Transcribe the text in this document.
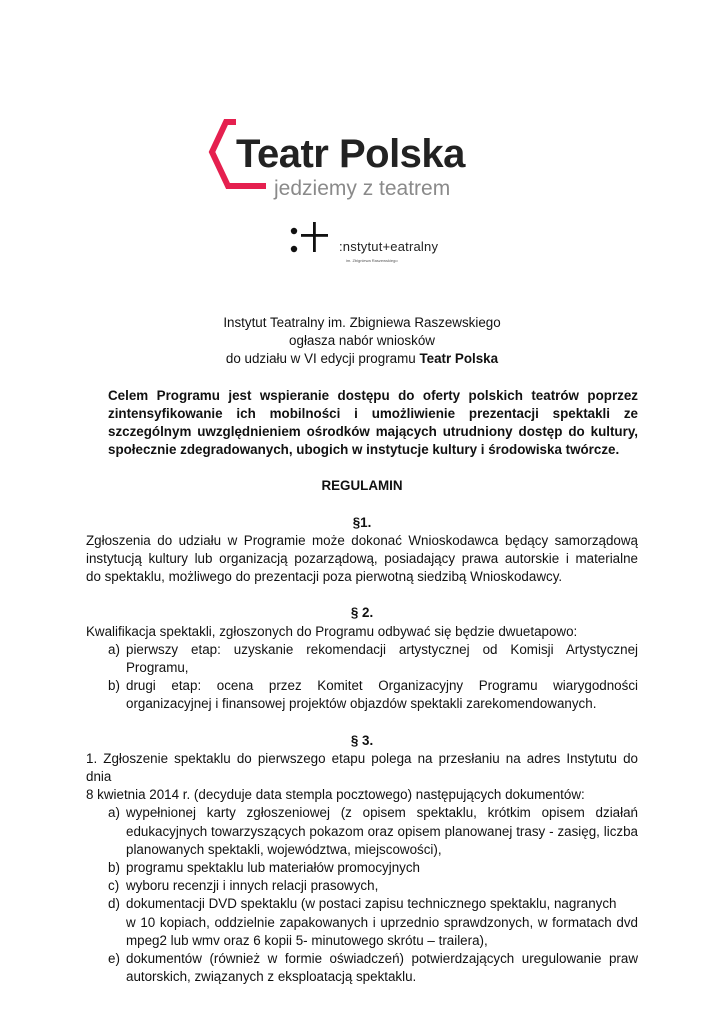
Teatr Polska
jedziemy z teatrem
:nstytut+eatralny
im. Zbigniewa Raszewskiego

Instytut Teatralny im. Zbigniewa Raszewskiego

ogłasza nabór wniosków

do udziału w VI edycji programu Teatr Polska

Celem Programu jest wspieranie dostępu do oferty polskich teatrów poprzez zintensyfikowanie ich mobilności i umożliwienie prezentacji spektakli ze szczególnym uwzględnieniem ośrodków mających utrudniony dostęp do kultury, społecznie zdegradowanych, ubogich w instytucje kultury i środowiska twórcze.

REGULAMIN

§1.

Zgłoszenia do udziału w Programie może dokonać Wnioskodawca będący samorządową

instytucją kultury lub organizacją pozarządową, posiadający prawa autorskie i materialne

do spektaklu, możliwego do prezentacji poza pierwotną siedzibą Wnioskodawcy.

§ 2.

Kwalifikacja spektakli, zgłoszonych do Programu odbywać się będzie dwuetapowo:

a) pierwszy etap: uzyskanie rekomendacji artystycznej od Komisji Artystycznej Programu,
b) drugi etap: ocena przez Komitet Organizacyjny Programu wiarygodności organizacyjnej i finansowej projektów objazdów spektakli zarekomendowanych.

§ 3.

1. Zgłoszenie spektaklu do pierwszego etapu polega na przesłaniu na adres Instytutu do dnia

8 kwietnia 2014 r. (decyduje data stempla pocztowego) następujących dokumentów:

a) wypełnionej karty zgłoszeniowej (z opisem spektaklu, krótkim opisem działań edukacyjnych towarzyszących pokazom oraz opisem planowanej trasy - zasięg, liczba planowanych spektakli, województwa, miejscowości),
b) programu spektaklu lub materiałów promocyjnych
c) wyboru recenzji i innych relacji prasowych,
d) dokumentacji DVD spektaklu (w postaci zapisu technicznego spektaklu, nagranych
w 10 kopiach, oddzielnie zapakowanych i uprzednio sprawdzonych, w formatach dvd mpeg2 lub wmv oraz 6 kopii 5- minutowego skrótu – trailera),
e) dokumentów (również w formie oświadczeń) potwierdzających uregulowanie praw autorskich, związanych z eksploatacją spektaklu.
